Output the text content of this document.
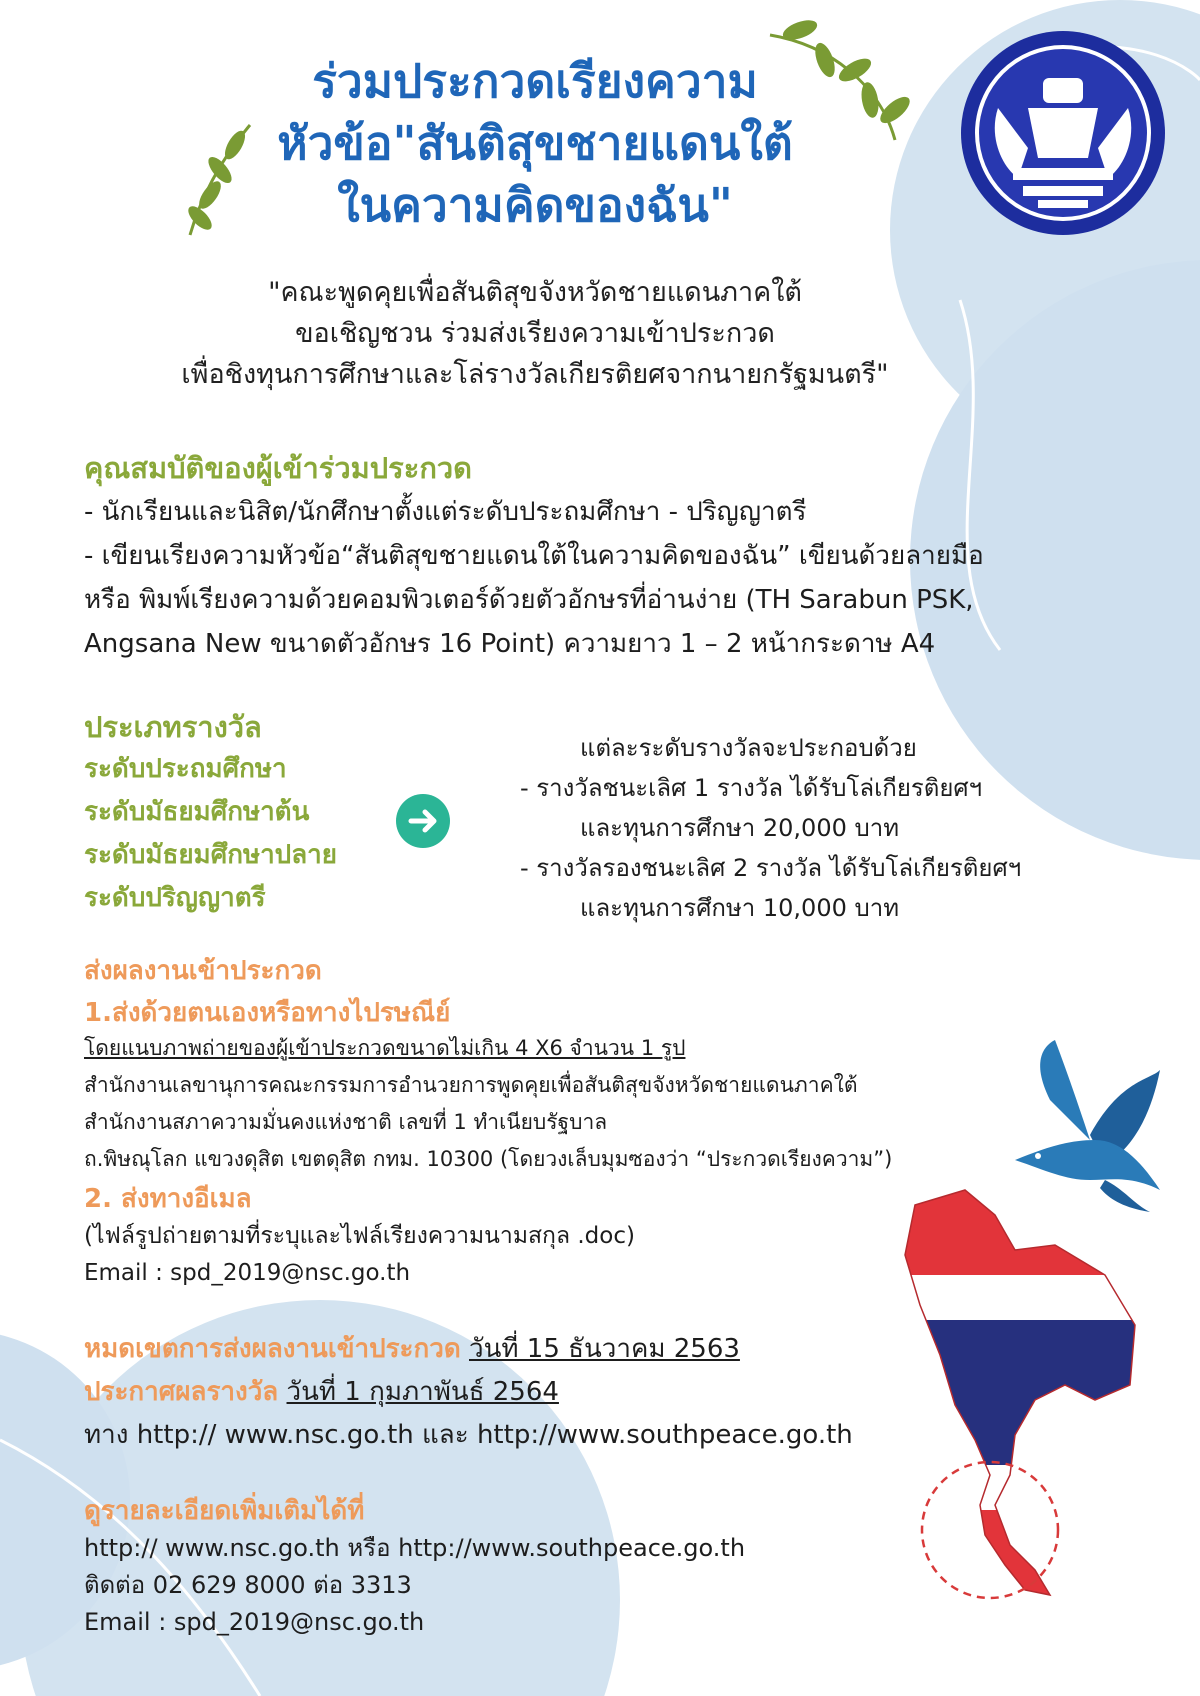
ร่วมประกวดเรียงความ
หัวข้อ"สันติสุขชายแดนใต้
ในความคิดของฉัน"
"คณะพูดคุยเพื่อสันติสุขจังหวัดชายแดนภาคใต้
ขอเชิญชวน ร่วมส่งเรียงความเข้าประกวด
เพื่อชิงทุนการศึกษาและโล่รางวัลเกียรติยศจากนายกรัฐมนตรี"
คุณสมบัติของผู้เข้าร่วมประกวด
- นักเรียนและนิสิต/นักศึกษาตั้งแต่ระดับประถมศึกษา - ปริญญาตรี
- เขียนเรียงความหัวข้อ“สันติสุขชายแดนใต้ในความคิดของฉัน” เขียนด้วยลายมือ
หรือ พิมพ์เรียงความด้วยคอมพิวเตอร์ด้วยตัวอักษรที่อ่านง่าย (TH Sarabun PSK,
Angsana New ขนาดตัวอักษร 16 Point) ความยาว 1 – 2 หน้ากระดาษ A4
ประเภทรางวัล
ระดับประถมศึกษา
ระดับมัธยมศึกษาต้น
ระดับมัธยมศึกษาปลาย
ระดับปริญญาตรี
แต่ละระดับรางวัลจะประกอบด้วย
- รางวัลชนะเลิศ 1 รางวัล ได้รับโล่เกียรติยศฯ
และทุนการศึกษา 20,000 บาท
- รางวัลรองชนะเลิศ 2 รางวัล ได้รับโล่เกียรติยศฯ
และทุนการศึกษา 10,000 บาท
ส่งผลงานเข้าประกวด
1.ส่งด้วยตนเองหรือทางไปรษณีย์
โดยแนบภาพถ่ายของผู้เข้าประกวดขนาดไม่เกิน 4 X6 จำนวน 1 รูป
สำนักงานเลขานุการคณะกรรมการอำนวยการพูดคุยเพื่อสันติสุขจังหวัดชายแดนภาคใต้
สำนักงานสภาความมั่นคงแห่งชาติ เลขที่ 1 ทำเนียบรัฐบาล
ถ.พิษณุโลก แขวงดุสิต เขตดุสิต กทม. 10300 (โดยวงเล็บมุมซองว่า “ประกวดเรียงความ”)
2. ส่งทางอีเมล
(ไฟล์รูปถ่ายตามที่ระบุและไฟล์เรียงความนามสกุล .doc)
Email : spd_2019@nsc.go.th
หมดเขตการส่งผลงานเข้าประกวด วันที่ 15 ธันวาคม 2563
ประกาศผลรางวัล วันที่ 1 กุมภาพันธ์ 2564
ทาง http:// www.nsc.go.th และ http://www.southpeace.go.th
ดูรายละเอียดเพิ่มเติมได้ที่
http:// www.nsc.go.th หรือ http://www.southpeace.go.th
ติดต่อ 02 629 8000 ต่อ 3313
Email : spd_2019@nsc.go.th
